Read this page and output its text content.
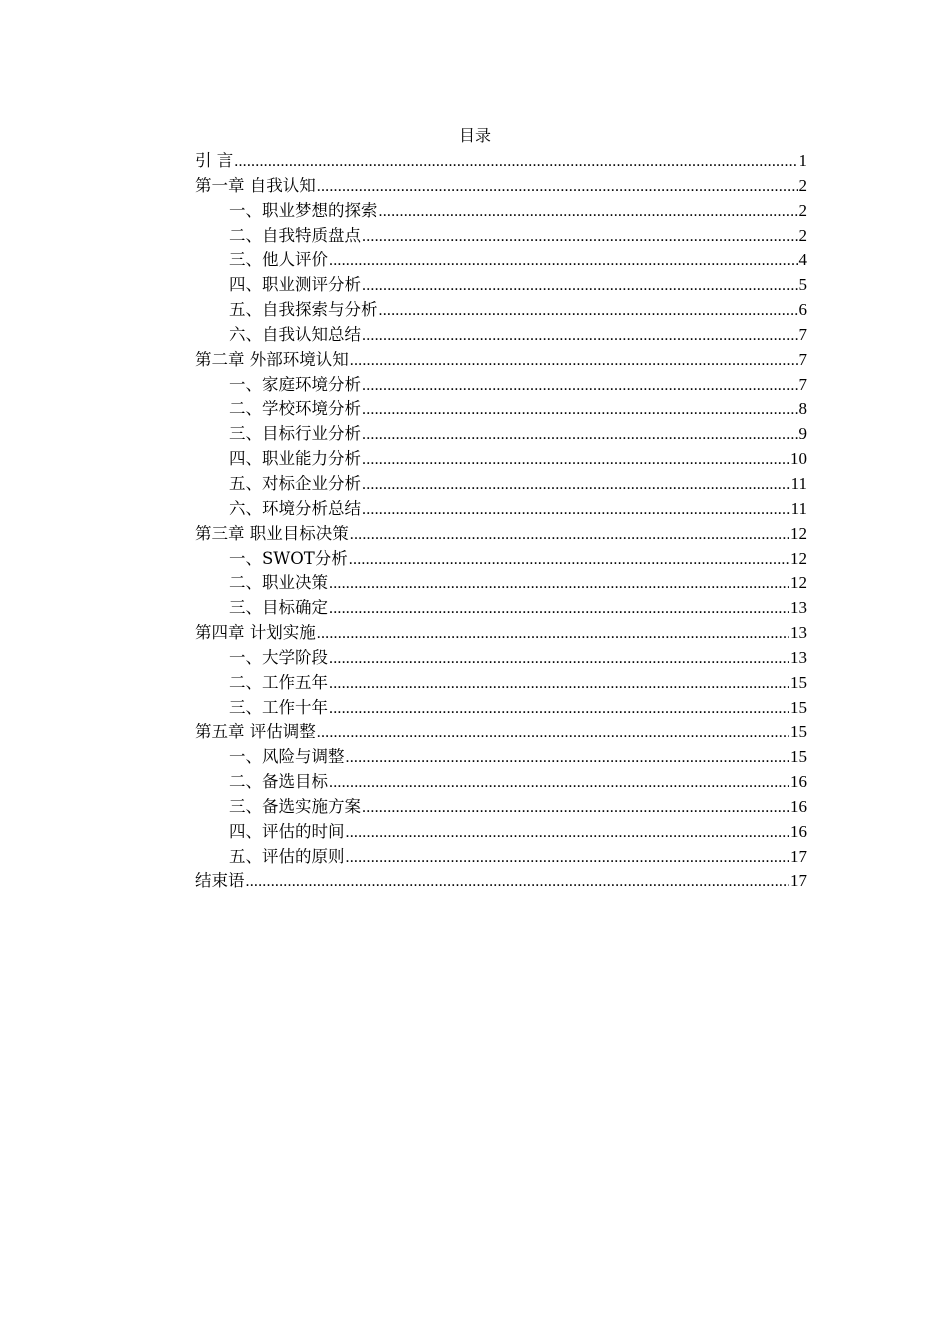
目录
引 言 .....	1
第一章 自我认知 .....	2
一、职业梦想的探索 .....	2
二、自我特质盘点 .....	2
三、他人评价 .....	4
四、职业测评分析 .....	5
五、自我探索与分析 .....	6
六、自我认知总结 .....	7
第二章 外部环境认知 .....	7
一、家庭环境分析 .....	7
二、学校环境分析 .....	8
三、目标行业分析 .....	9
四、职业能力分析 .....	10
五、对标企业分析 .....	11
六、环境分析总结 .....	11
第三章 职业目标决策 .....	12
一、SWOT分析 .....	12
二、职业决策 .....	12
三、目标确定 .....	13
第四章 计划实施 .....	13
一、大学阶段 .....	13
二、工作五年 .....	15
三、工作十年 .....	15
第五章 评估调整 .....	15
一、风险与调整 .....	15
二、备选目标 .....	16
三、备选实施方案 .....	16
四、评估的时间 .....	16
五、评估的原则 .....	17
结束语 .....	17
